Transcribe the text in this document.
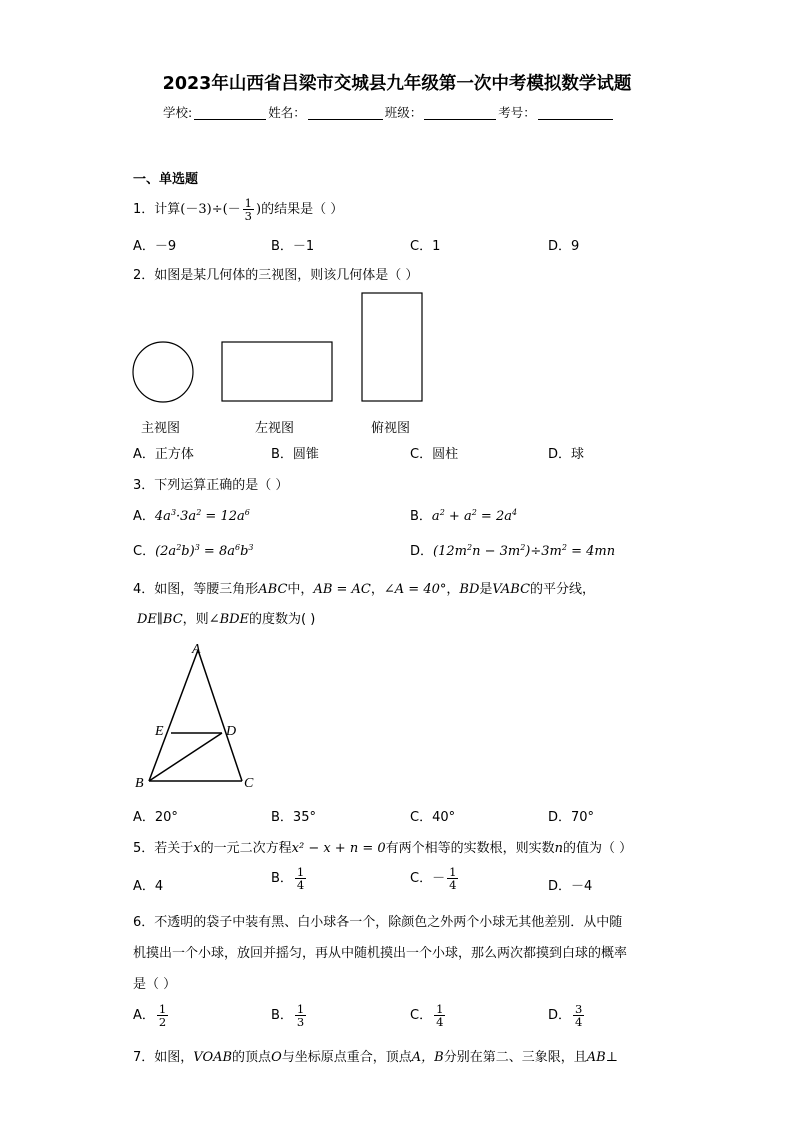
2023年山西省吕梁市交城县九年级第一次中考模拟数学试题
学校:	姓名：	班级：	考号：
一、单选题
1．计算$(-3)\div(- \frac{1}{3}$ )的结果是（ ）
A．－9	B．－1	C．1	D．9
2．如图是某几何体的三视图，则该几何体是（ ）
主视图	左视图	俯视图
A．正方体	B．圆锥	C．圆柱	D．球
3．下列运算正确的是（ ）
A．$4a^3\cdot 3a^2 = 12a^6$	B．$a^2 + a^2 = 2a^4$
C．$(2a^2b)^3 = 8a^6b^3$	D．$(12m^2n - 3m^2)\div 3m^2 = 4mn$
4．如图，等腰三角形ABC中，AB = AC，∠A = 40°，BD是VABC的平分线，
DE∥BC，则∠BDE的度数为( )
A
E	D
B	C
A．20°	B．35°	C．40°	D．70°
5．若关于x的一元二次方程x² − x + n = 0有两个相等的实数根，则实数n的值为（ ）
A．4
B． $\frac{1}{4}$	C．－ $\frac{1}{4}$	D．－4
6．不透明的袋子中装有黑、白小球各一个，除颜色之外两个小球无其他差别．从中随
机摸出一个小球，放回并摇匀，再从中随机摸出一个小球，那么两次都摸到白球的概率
是（ ）
A． $\frac{1}{2}$	B． $\frac{1}{3}$	C． $\frac{1}{4}$	D． $\frac{3}{4}$
7．如图，VOAB的顶点O与坐标原点重合，顶点A，B分别在第二、三象限，且AB⊥
